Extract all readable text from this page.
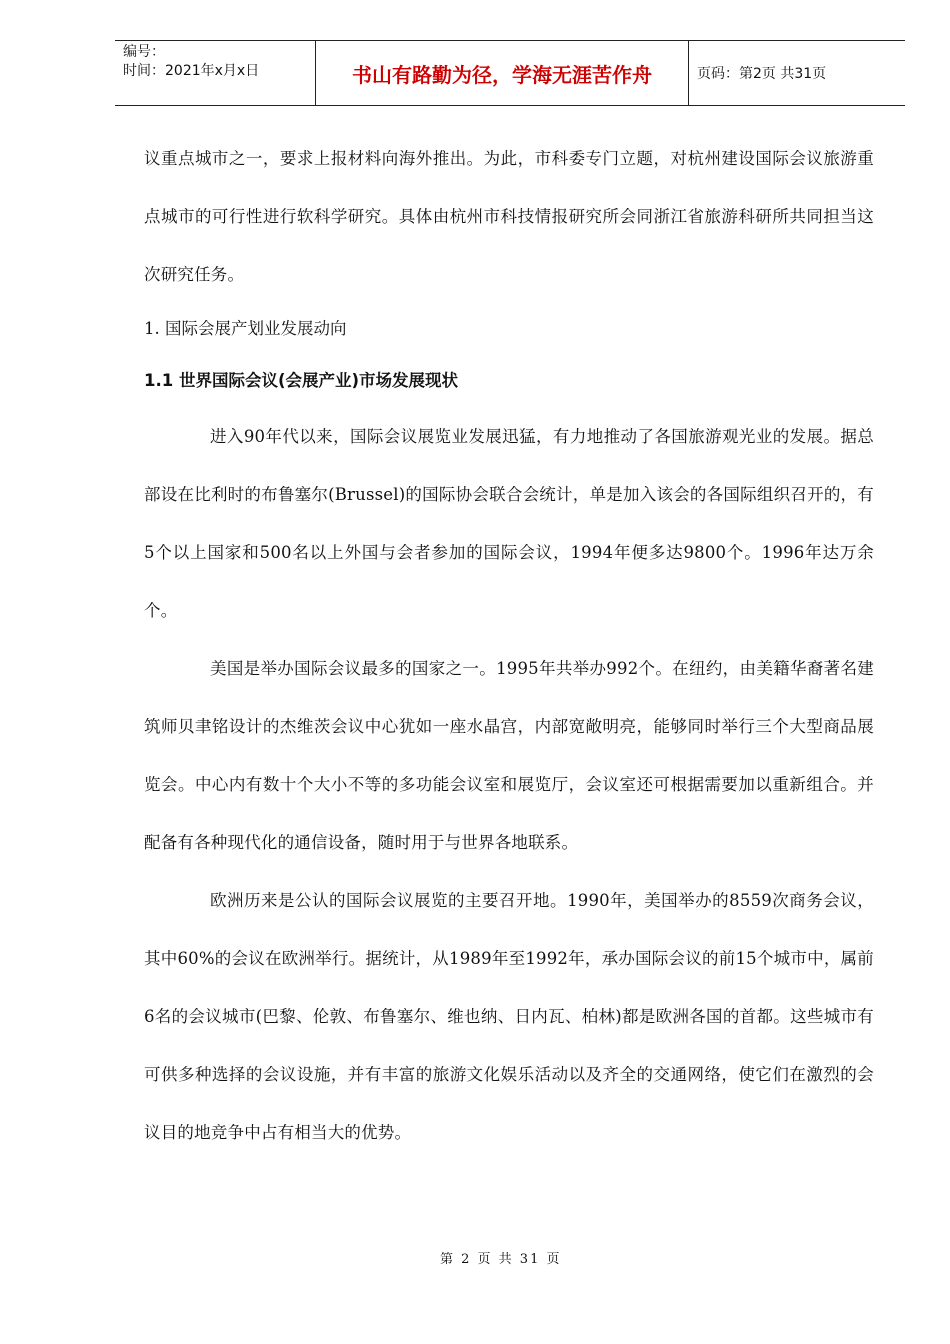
编号：
时间：2021年x月x日	书山有路勤为径，学海无涯苦作舟	页码：第2页 共31页

议重点城市之一，要求上报材料向海外推出。为此，市科委专门立题，对杭州建设国际会议旅游重点城市的可行性进行软科学研究。具体由杭州市科技情报研究所会同浙江省旅游科研所共同担当这次研究任务。

1. 国际会展产划业发展动向

1.1 世界国际会议(会展产业)市场发展现状

进入90年代以来，国际会议展览业发展迅猛，有力地推动了各国旅游观光业的发展。据总部设在比利时的布鲁塞尔(Brussel)的国际协会联合会统计，单是加入该会的各国际组织召开的，有5个以上国家和500名以上外国与会者参加的国际会议，1994年便多达9800个。1996年达万余个。

美国是举办国际会议最多的国家之一。1995年共举办992个。在纽约，由美籍华裔著名建筑师贝聿铭设计的杰维茨会议中心犹如一座水晶宫，内部宽敞明亮，能够同时举行三个大型商品展览会。中心内有数十个大小不等的多功能会议室和展览厅，会议室还可根据需要加以重新组合。并配备有各种现代化的通信设备，随时用于与世界各地联系。

欧洲历来是公认的国际会议展览的主要召开地。1990年，美国举办的8559次商务会议，其中60%的会议在欧洲举行。据统计，从1989年至1992年，承办国际会议的前15个城市中，属前6名的会议城市(巴黎、伦敦、布鲁塞尔、维也纳、日内瓦、柏林)都是欧洲各国的首都。这些城市有可供多种选择的会议设施，并有丰富的旅游文化娱乐活动以及齐全的交通网络，使它们在激烈的会议目的地竞争中占有相当大的优势。

第 2 页 共 31 页
